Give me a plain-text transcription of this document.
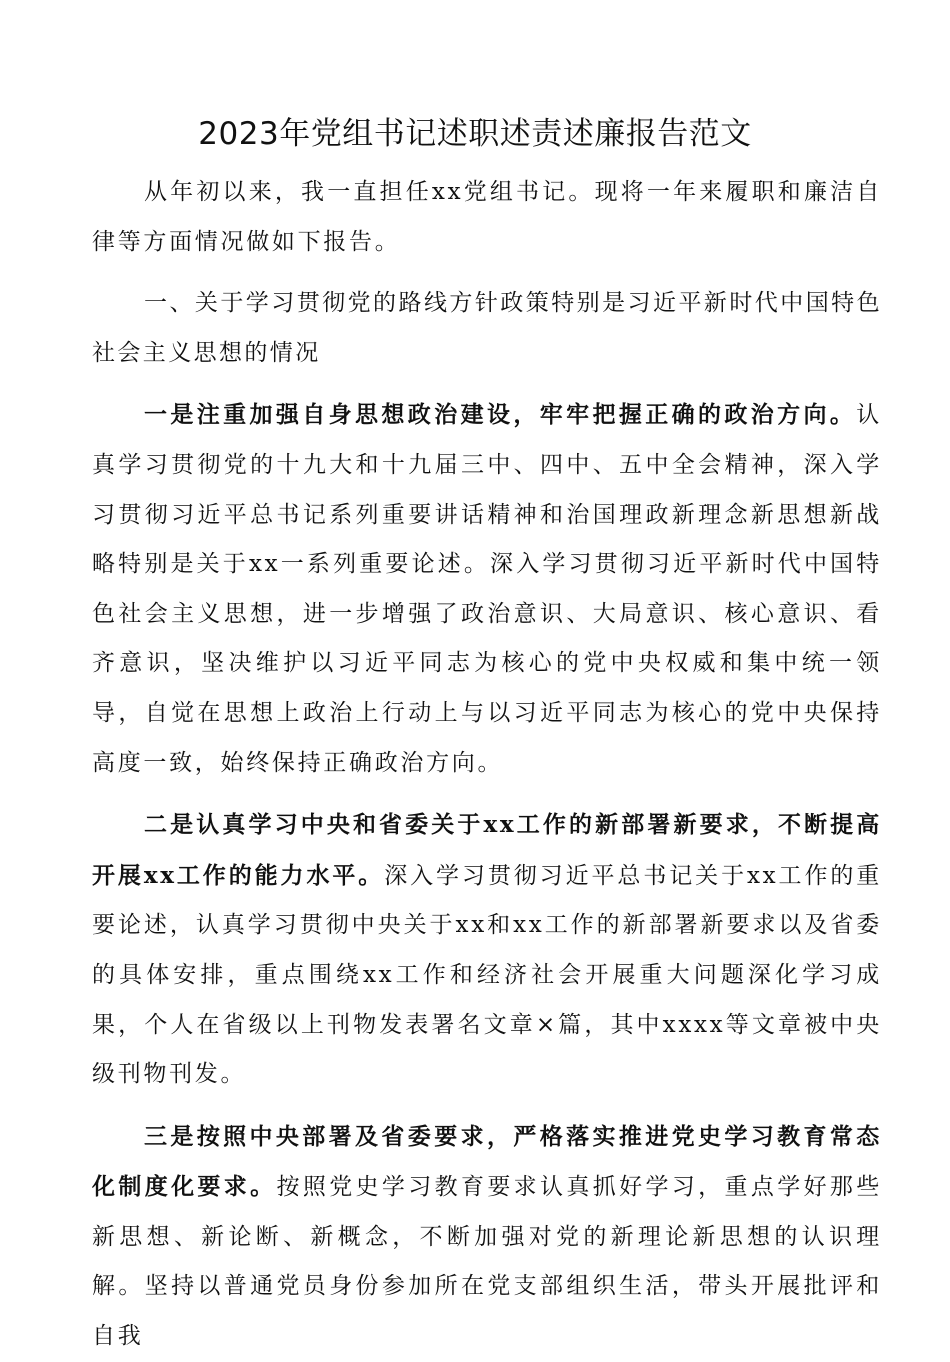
2023年党组书记述职述责述廉报告范文

从年初以来，我一直担任xx党组书记。现将一年来履职和廉洁自律等方面情况做如下报告。

一、关于学习贯彻党的路线方针政策特别是习近平新时代中国特色社会主义思想的情况

一是注重加强自身思想政治建设，牢牢把握正确的政治方向。认真学习贯彻党的十九大和十九届三中、四中、五中全会精神，深入学习贯彻习近平总书记系列重要讲话精神和治国理政新理念新思想新战略特别是关于xx一系列重要论述。深入学习贯彻习近平新时代中国特色社会主义思想，进一步增强了政治意识、大局意识、核心意识、看齐意识，坚决维护以习近平同志为核心的党中央权威和集中统一领导，自觉在思想上政治上行动上与以习近平同志为核心的党中央保持高度一致，始终保持正确政治方向。

二是认真学习中央和省委关于xx工作的新部署新要求，不断提高开展xx工作的能力水平。深入学习贯彻习近平总书记关于xx工作的重要论述，认真学习贯彻中央关于xx和xx工作的新部署新要求以及省委的具体安排，重点围绕xx工作和经济社会开展重大问题深化学习成果，个人在省级以上刊物发表署名文章×篇，其中xxxx等文章被中央级刊物刊发。

三是按照中央部署及省委要求，严格落实推进党史学习教育常态化制度化要求。按照党史学习教育要求认真抓好学习，重点学好那些新思想、新论断、新概念，不断加强对党的新理论新思想的认识理解。坚持以普通党员身份参加所在党支部组织生活，带头开展批评和自我
